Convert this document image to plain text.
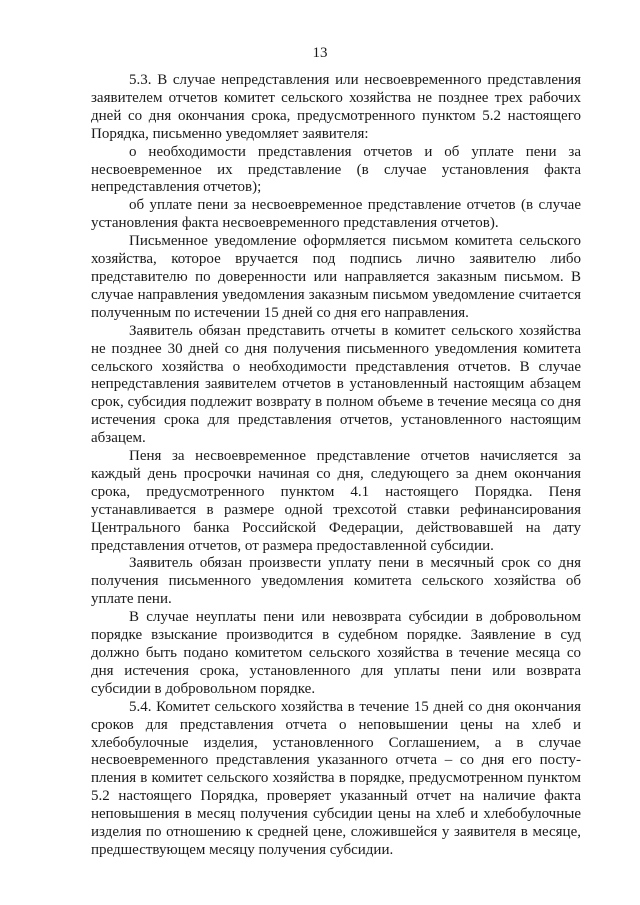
13

5.3. В случае непредставления или несвоевременного представления заявителем отчетов комитет сельского хозяйства не позднее трех рабочих дней со дня окончания срока, предусмотренного пунктом 5.2 настоящего Порядка, письменно уведомляет заявителя:

о необходимости представления отчетов и об уплате пени за несвоевременное их представление (в случае установления факта непредставления отчетов);

об уплате пени за несвоевременное представление отчетов (в случае установления факта несвоевременного представления отчетов).

Письменное уведомление оформляется письмом комитета сельского хозяйства, которое вручается под подпись лично заявителю либо представителю по доверенности или направляется заказным письмом. В случае направления уведомления заказным письмом уведомление считается полученным по истечении 15 дней со дня его направления.

Заявитель обязан представить отчеты в комитет сельского хозяйства не позднее 30 дней со дня получения письменного уведомления комитета сельского хозяйства о необходимости представления отчетов. В случае непредставления заявителем отчетов в установленный настоящим абзацем срок, субсидия подлежит возврату в полном объеме в течение месяца со дня истечения срока для представления отчетов, установленного настоящим абзацем.

Пеня за несвоевременное представление отчетов начисляется за каждый день просрочки начиная со дня, следующего за днем окончания срока, предусмотренного пунктом 4.1 настоящего Порядка. Пеня устанавливается в размере одной трехсотой ставки рефинансирования Центрального банка Российской Федерации, действовавшей на дату представления отчетов, от размера предоставленной субсидии.

Заявитель обязан произвести уплату пени в месячный срок со дня получения письменного уведомления комитета сельского хозяйства об уплате пени.

В случае неуплаты пени или невозврата субсидии в добровольном порядке взыскание производится в судебном порядке. Заявление в суд должно быть подано комитетом сельского хозяйства в течение месяца со дня истечения срока, установленного для уплаты пени или возврата субсидии в добровольном порядке.

5.4. Комитет сельского хозяйства в течение 15 дней со дня окончания сроков для представления отчета о неповышении цены на хлеб и хлебобулочные изделия, установленного Соглашением, а в случае несвоевременного представления указанного отчета – со дня его поступления в комитет сельского хозяйства в порядке, предусмотренном пунктом 5.2 настоящего Порядка, проверяет указанный отчет на наличие факта неповышения в месяц получения субсидии цены на хлеб и хлебобулочные изделия по отношению к средней цене, сложившейся у заявителя в месяце, предшествующем месяцу получения субсидии.
